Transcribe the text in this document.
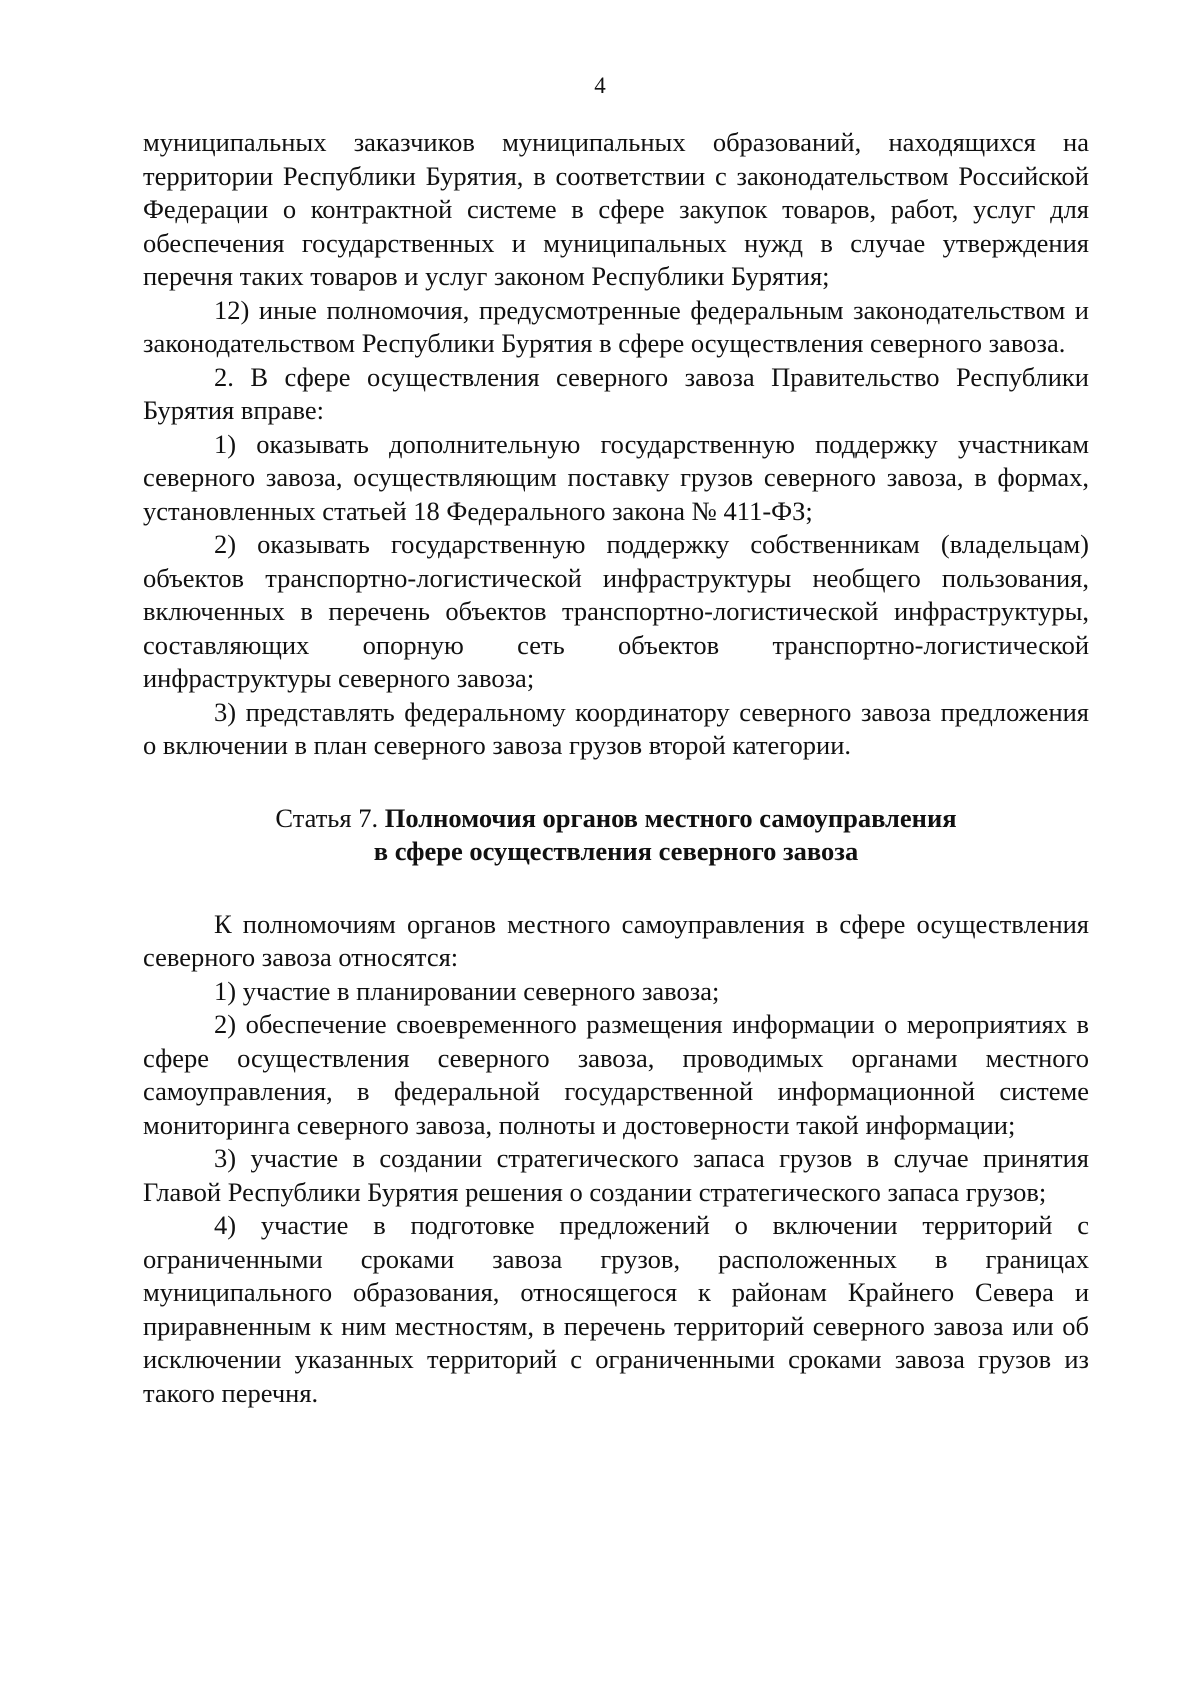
4

муниципальных заказчиков муниципальных образований, находящихся на территории Республики Бурятия, в соответствии с законодательством Российской Федерации о контрактной системе в сфере закупок товаров, работ, услуг для обеспечения государственных и муниципальных нужд в случае утверждения перечня таких товаров и услуг законом Республики Бурятия;

12) иные полномочия, предусмотренные федеральным законодательством и законодательством Республики Бурятия в сфере осуществления северного завоза.

2. В сфере осуществления северного завоза Правительство Республики Бурятия вправе:

1) оказывать дополнительную государственную поддержку участникам северного завоза, осуществляющим поставку грузов северного завоза, в формах, установленных статьей 18 Федерального закона № 411-ФЗ;

2) оказывать государственную поддержку собственникам (владельцам) объектов транспортно-логистической инфраструктуры необщего пользования, включенных в перечень объектов транспортно-логистической инфраструктуры, составляющих опорную сеть объектов транспортно-логистической инфраструктуры северного завоза;

3) представлять федеральному координатору северного завоза предложения о включении в план северного завоза грузов второй категории.

Статья 7. Полномочия органов местного самоуправления
в сфере осуществления северного завоза

К полномочиям органов местного самоуправления в сфере осуществления северного завоза относятся:

1) участие в планировании северного завоза;

2) обеспечение своевременного размещения информации о мероприятиях в сфере осуществления северного завоза, проводимых органами местного самоуправления, в федеральной государственной информационной системе мониторинга северного завоза, полноты и достоверности такой информации;

3) участие в создании стратегического запаса грузов в случае принятия Главой Республики Бурятия решения о создании стратегического запаса грузов;

4) участие в подготовке предложений о включении территорий с ограниченными сроками завоза грузов, расположенных в границах муниципального образования, относящегося к районам Крайнего Севера и приравненным к ним местностям, в перечень территорий северного завоза или об исключении указанных территорий с ограниченными сроками завоза грузов из такого перечня.
